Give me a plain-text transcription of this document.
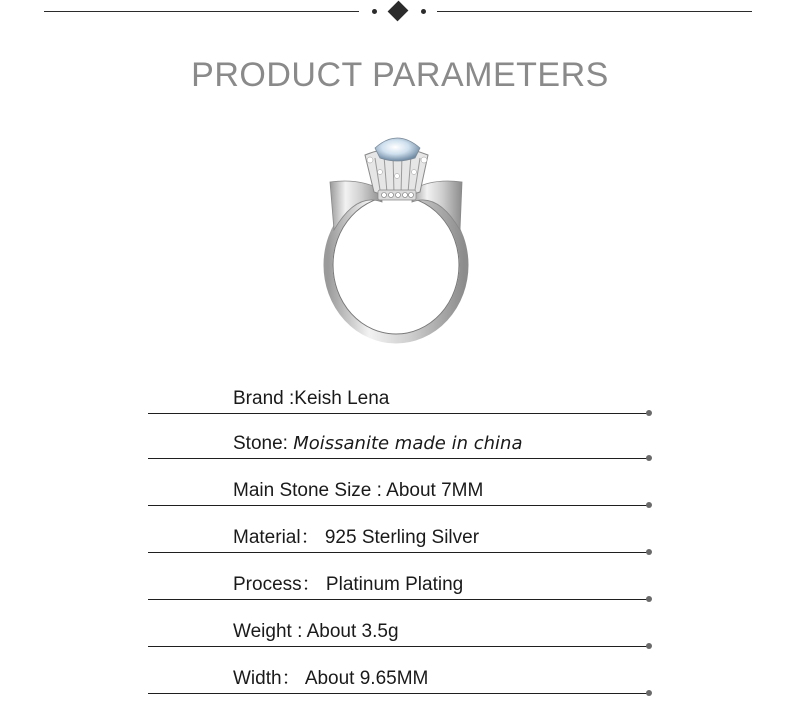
PRODUCT PARAMETERS
Brand :Keish Lena
Stone: Moissanite made in china
Main Stone Size : About 7MM
Material： 925 Sterling Silver
Process： Platinum Plating
Weight : About 3.5g
Width： About 9.65MM
